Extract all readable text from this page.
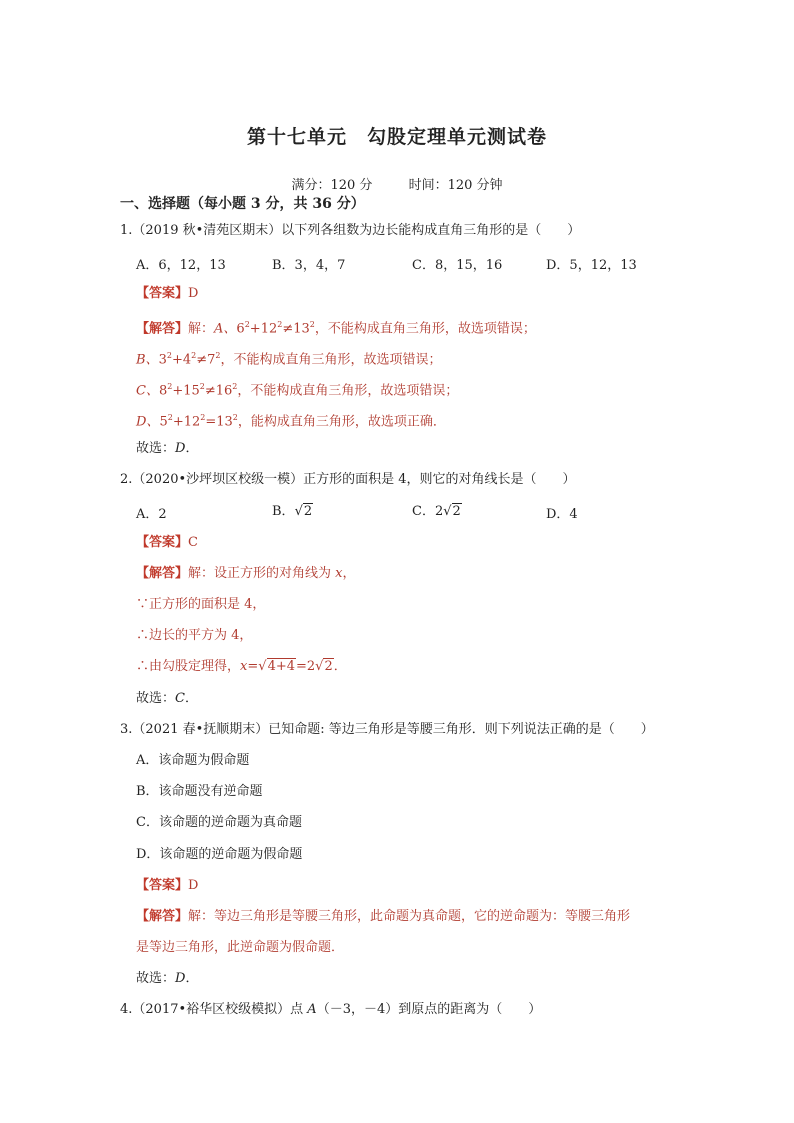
第十七单元　勾股定理单元测试卷
满分：120 分	时间：120 分钟
一、选择题（每小题 3 分，共 36 分）
1.（2019 秋•清苑区期末）以下列各组数为边长能构成直角三角形的是（　　）
A．6，12，13	B．3，4，7	C．8，15，16	D．5，12，13
【答案】D
【解答】解：A、$6^2+12^2\ne 13^2$，不能构成直角三角形，故选项错误；
B、$3^2+4^2\ne 7^2$，不能构成直角三角形，故选项错误；
C、$8^2+15^2\ne 16^2$，不能构成直角三角形，故选项错误；
D、$5^2+12^2=13^2$，能构成直角三角形，故选项正确．
故选：D．
2.（2020•沙坪坝区校级一模）正方形的面积是 4，则它的对角线长是（　　）
A．2	B．√2	C．2√2	D．4
【答案】C
【解答】解：设正方形的对角线为 x，
∵正方形的面积是 4，
∴边长的平方为 4，
∴由勾股定理得，x=√4+4=2√2．
故选：C．
3.（2021 春•抚顺期末）已知命题: 等边三角形是等腰三角形．则下列说法正确的是（　　）
A．该命题为假命题
B．该命题没有逆命题
C．该命题的逆命题为真命题
D．该命题的逆命题为假命题
【答案】D
【解答】解：等边三角形是等腰三角形，此命题为真命题，它的逆命题为：等腰三角形
是等边三角形，此逆命题为假命题．
故选：D．
4.（2017•裕华区校级模拟）点 A（－3，－4）到原点的距离为（　　）
